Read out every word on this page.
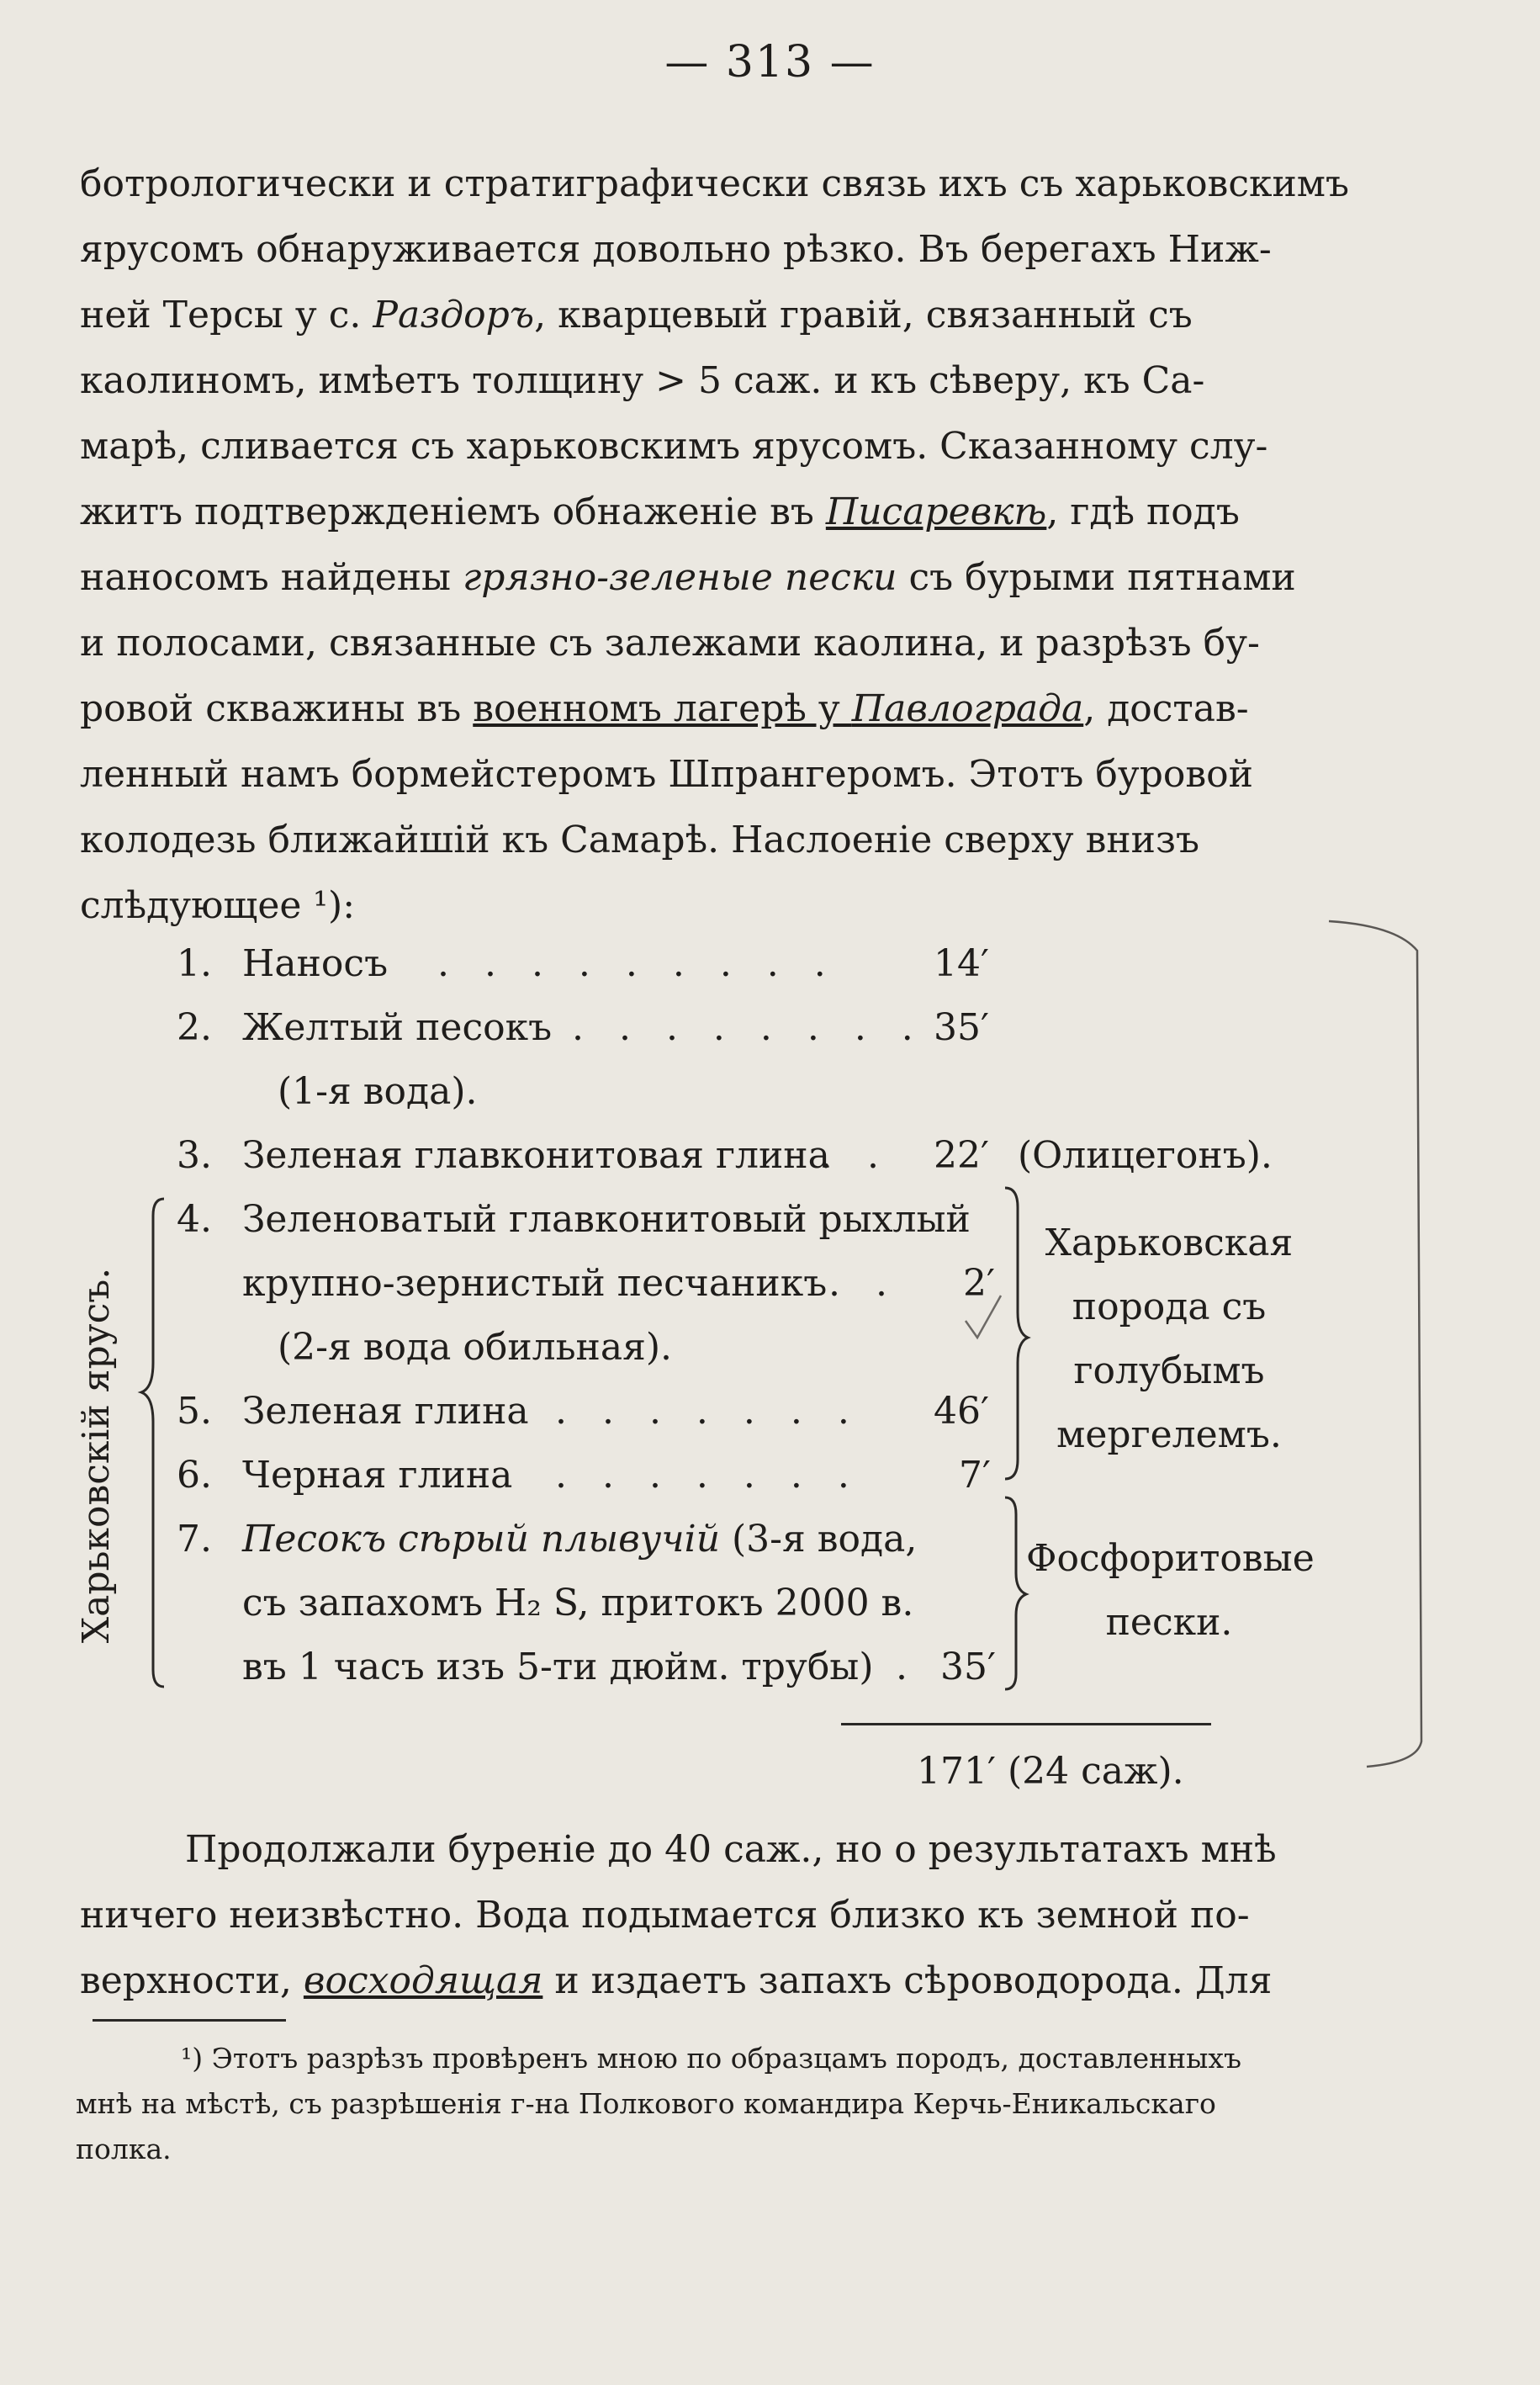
— 313 —
ботрологически и стратиграфически связь ихъ съ харьковскимъ
ярусомъ обнаруживается довольно рѣзко. Въ берегахъ Ниж-
ней Терсы у с. Раздоръ, кварцевый гравій, связанный съ
каолиномъ, имѣетъ толщину > 5 саж. и къ сѣверу, къ Са-
марѣ, сливается съ харьковскимъ ярусомъ. Сказанному слу-
житъ подтвержденіемъ обнаженіе въ Писаревкѣ, гдѣ подъ
наносомъ найдены грязно-зеленые пески съ бурыми пятнами
и полосами, связанные съ залежами каолина, и разрѣзъ бу-
ровой скважины въ военномъ лагерѣ у Павлограда, достав-
ленный намъ бормейстеромъ Шпрангеромъ. Этотъ буровой
колодезь ближайшій къ Самарѣ. Наслоеніе сверху внизъ
слѣдующее ¹):
1. Наносъ . . . . . . . . .	14′
2. Желтый песокъ . . . . . . . . 35′
(1-я вода).
3. Зеленая главконитовая глина
. . 22′ (Олицегонъ).
4. Зеленоватый главконитовый рыхлый
крупно-зернистый песчаникъ . . 2′
(2-я вода обильная).
5. Зеленая глина . . . . . . . 46′
6. Черная глина . . . . . . .	7′
7. Песокъ сѣрый плывучій (3-я вода,
съ запахомъ H₂ S, притокъ 2000 в.
въ 1 часъ изъ 5-ти дюйм. трубы) . 35′
Харьковскій ярусъ.
Харьковская
порода съ
голубымъ
мергелемъ.
Фосфоритовые
пески.
171′ (24 саж).
Продолжали буреніе до 40 саж., но о результатахъ мнѣ
ничего неизвѣстно. Вода подымается близко къ земной по-
верхности, восходящая и издаетъ запахъ сѣроводорода. Для
¹) Этотъ разрѣзъ провѣренъ мною по образцамъ породъ, доставленныхъ
мнѣ на мѣстѣ, съ разрѣшенія г-на Полкового командира Керчь-Еникальскаго
полка.
